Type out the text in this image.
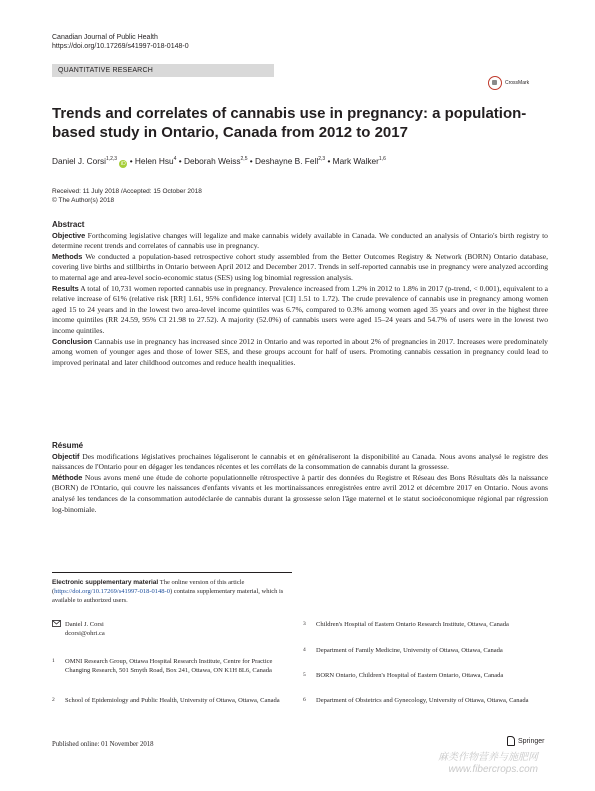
Canadian Journal of Public Health
https://doi.org/10.17269/s41997-018-0148-0
QUANTITATIVE RESEARCH
CrossMark
Trends and correlates of cannabis use in pregnancy: a population-based study in Ontario, Canada from 2012 to 2017
Daniel J. Corsi$^{1,2,3}$ iD • Helen Hsu$^4$ • Deborah Weiss$^{2,5}$ • Deshayne B. Fell$^{2,3}$ • Mark Walker$^{1,6}$
Received: 11 July 2018 /Accepted: 15 October 2018
© The Author(s) 2018
Abstract
Objective Forthcoming legislative changes will legalize and make cannabis widely available in Canada. We conducted an analysis of Ontario's birth registry to determine recent trends and correlates of cannabis use in pregnancy.
Methods We conducted a population-based retrospective cohort study assembled from the Better Outcomes Registry & Network (BORN) Ontario database, covering live births and stillbirths in Ontario between April 2012 and December 2017. Trends in self-reported cannabis use in pregnancy were analyzed according to maternal age and area-level socio-economic status (SES) using log binomial regression analysis.
Results A total of 10,731 women reported cannabis use in pregnancy. Prevalence increased from 1.2% in 2012 to 1.8% in 2017 (p-trend, < 0.001), equivalent to a relative increase of 61% (relative risk [RR] 1.61, 95% confidence interval [CI] 1.51 to 1.72). The crude prevalence of cannabis use in pregnancy among women aged 15 to 24 years and in the lowest two area-level income quintiles was 6.7%, compared to 0.3% among women aged 35 years and over in the highest three income quintiles (RR 24.59, 95% CI 21.98 to 27.52). A majority (52.0%) of cannabis users were aged 15–24 years and 54.7% of users were in the lowest two income quintiles.
Conclusion Cannabis use in pregnancy has increased since 2012 in Ontario and was reported in about 2% of pregnancies in 2017. Increases were predominately among women of younger ages and those of lower SES, and these groups account for half of users. Promoting cannabis cessation in pregnancy could lead to improved perinatal and later childhood outcomes and reduce health inequalities.
Résumé
Objectif Des modifications législatives prochaines légaliseront le cannabis et en généraliseront la disponibilité au Canada. Nous avons analysé le registre des naissances de l'Ontario pour en dégager les tendances récentes et les corrélats de la consommation de cannabis durant la grossesse.
Méthode Nous avons mené une étude de cohorte populationnelle rétrospective à partir des données du Registre et Réseau des Bons Résultats dès la naissance (BORN) de l'Ontario, qui couvre les naissances d'enfants vivants et les mortinaissances enregistrées entre avril 2012 et décembre 2017 en Ontario. Nous avons analysé les tendances de la consommation autodéclarée de cannabis durant la grossesse selon l'âge maternel et le statut socioéconomique régional par régression log-binomiale.
Electronic supplementary material The online version of this article (https://doi.org/10.17269/s41997-018-0148-0) contains supplementary material, which is available to authorized users.
Daniel J. Corsi
dcorsi@ohri.ca
1 OMNI Research Group, Ottawa Hospital Research Institute, Centre for Practice Changing Research, 501 Smyth Road, Box 241, Ottawa, ON K1H 8L6, Canada
2 School of Epidemiology and Public Health, University of Ottawa, Ottawa, Canada
3 Children's Hospital of Eastern Ontario Research Institute, Ottawa, Canada
4 Department of Family Medicine, University of Ottawa, Ottawa, Canada
5 BORN Ontario, Children's Hospital of Eastern Ontario, Ottawa, Canada
6 Department of Obstetrics and Gynecology, University of Ottawa, Ottawa, Canada
Published online: 01 November 2018	Springer
麻类作物营养与施肥网
www.fibercrops.com
